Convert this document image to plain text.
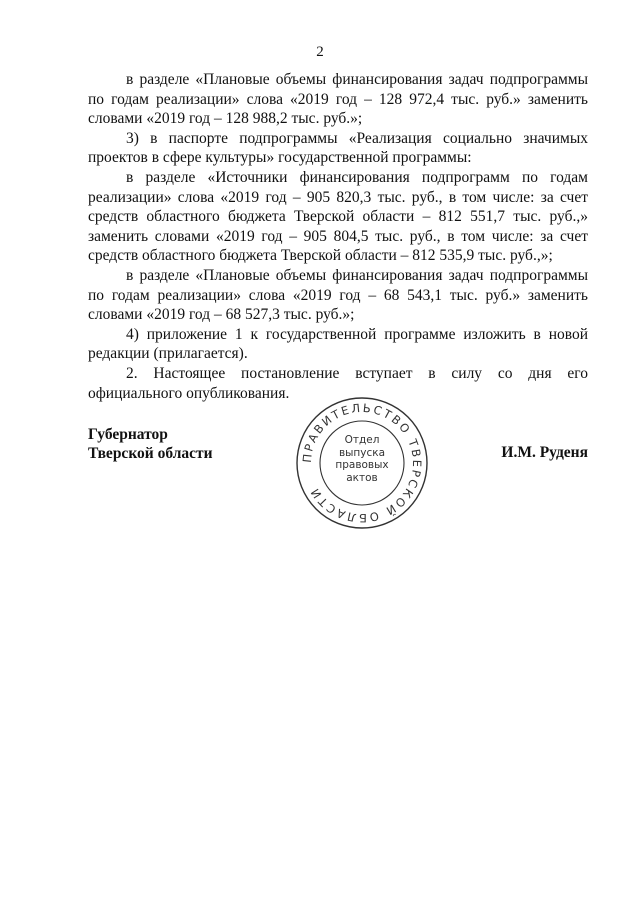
2

в разделе «Плановые объемы финансирования задач подпрограммы по годам реализации» слова «2019 год – 128 972,4 тыс. руб.» заменить словами «2019 год – 128 988,2 тыс. руб.»;

3) в паспорте подпрограммы «Реализация социально значимых проектов в сфере культуры» государственной программы:

в разделе «Источники финансирования подпрограмм по годам реализации» слова «2019 год – 905 820,3 тыс. руб., в том числе: за счет средств областного бюджета Тверской области – 812 551,7 тыс. руб.,» заменить словами «2019 год – 905 804,5 тыс. руб., в том числе: за счет средств областного бюджета Тверской области – 812 535,9 тыс. руб.,»;

в разделе «Плановые объемы финансирования задач подпрограммы по годам реализации» слова «2019 год – 68 543,1 тыс. руб.» заменить словами «2019 год – 68 527,3 тыс. руб.»;

4) приложение 1 к государственной программе изложить в новой редакции (прилагается).

2. Настоящее постановление вступает в силу со дня его официального опубликования.

Губернатор
Тверской области	И.М. Руденя
ПРАВИТЕЛЬСТВО ТВЕРСКОЙ ОБЛАСТИ
Отдел
выпуска
правовых
актов
